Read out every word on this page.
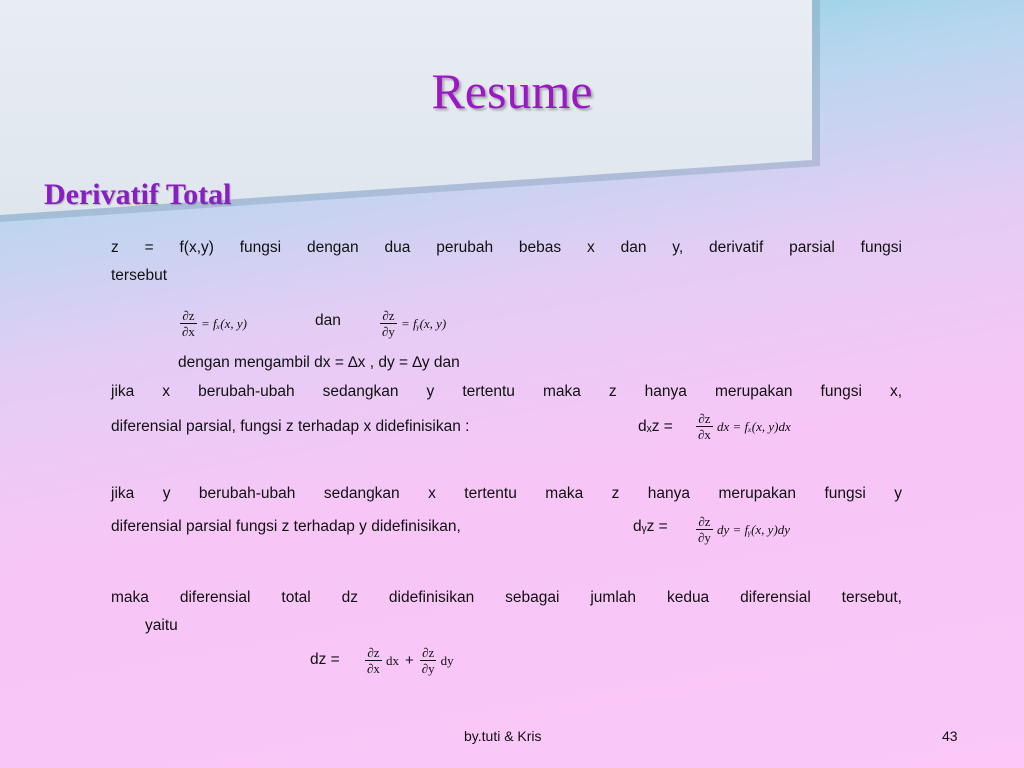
Resume
Derivatif Total
z = f(x,y) fungsi dengan dua perubah bebas x dan y, derivatif parsial fungsi
tersebut
$\frac{\partial z}{\partial x} = f_x(x$, y)	dan	$\frac{\partial z}{\partial y}$ = fᵧ(x, y)
dengan mengambil dx = ∆x , dy = ∆y dan
jika x berubah-ubah sedangkan y tertentu maka z hanya merupakan fungsi x,
diferensial parsial, fungsi z terhadap x didefinisikan :	$d_xz = \frac{\partial z}{\partial x}$ dx = fₓ(x, y)dx
jika y berubah-ubah sedangkan x tertentu maka z hanya merupakan fungsi y
diferensial parsial fungsi z terhadap y didefinisikan,	dᵧz = $\frac{\partial z}{\partial y}$ dy = fᵧ(x, y)dy
maka diferensial total dz didefinisikan sebagai jumlah kedua diferensial tersebut,
yaitu
dz = $\frac{\partial z}{\partial x}$ dx + $\frac{\partial z}{\partial y}$ dy
by.tuti & Kris	43
